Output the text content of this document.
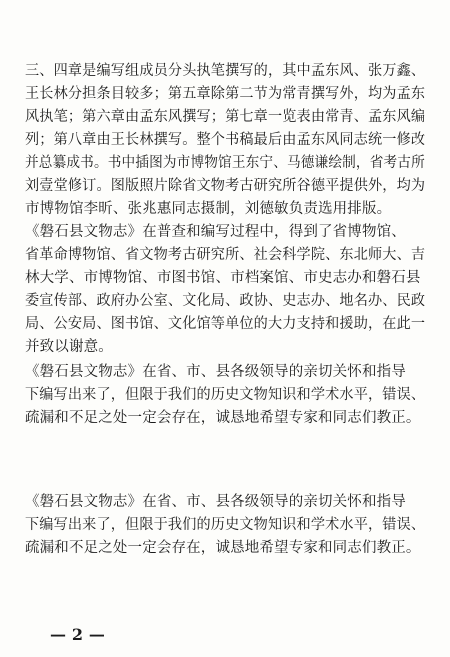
三、四章是编写组成员分头执笔撰写的，其中孟东风、张万鑫、
王长林分担条目较多；第五章除第二节为常青撰写外，均为孟东
风执笔；第六章由孟东风撰写；第七章一览表由常青、孟东风编
列；第八章由王长林撰写。整个书稿最后由孟东风同志统一修改
并总纂成书。书中插图为市博物馆王东宁、马德谦绘制，省考古所
刘壹堂修订。图版照片除省文物考古研究所谷德平提供外，均为
市博物馆李昕、张兆惠同志摄制，刘德敏负责选用排版。
《磐石县文物志》在普查和编写过程中，得到了省博物馆、
省革命博物馆、省文物考古研究所、社会科学院、东北师大、吉
林大学、市博物馆、市图书馆、市档案馆、市史志办和磐石县
委宣传部、政府办公室、文化局、政协、史志办、地名办、民政
局、公安局、图书馆、文化馆等单位的大力支持和援助，在此一
并致以谢意。
《磐石县文物志》在省、市、县各级领导的亲切关怀和指导
下编写出来了，但限于我们的历史文物知识和学术水平，错误、
疏漏和不足之处一定会存在，诚恳地希望专家和同志们教正。
《磐石县文物志》在省、市、县各级领导的亲切关怀和指导
下编写出来了，但限于我们的历史文物知识和学术水平，错误、
疏漏和不足之处一定会存在，诚恳地希望专家和同志们教正。
— 2 —
